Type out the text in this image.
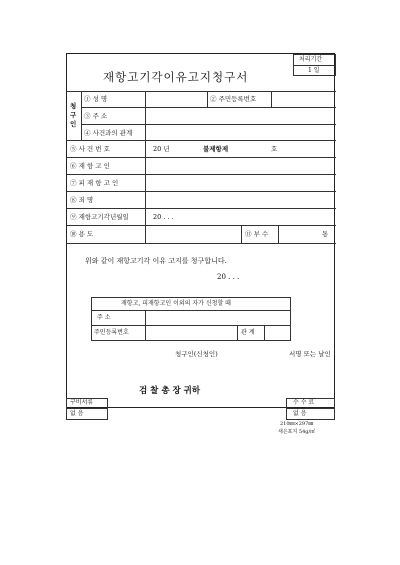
재항고기각이유고지청구서
처리기간
1 일
청
구
인
① 성 명	② 주민등록번호
③ 주 소
④ 사건과의 관계
⑤ 사 건 번 호	20 년	불제항제	호
⑥ 재 항 고 인
⑦ 피 재 항 고 인
⑧ 죄 명
⑨ 재항고기각년월일	20 . . .
⑩ 용 도	⑪ 부 수	통
위와 같이 재항고기각 이유 고지를 청구합니다.
20 . . .
재항고, 피재항고인 이외의 자가 신청할 때
주 소
주민등록번호	관 계
청구인(신청인)	서명 또는 날인
검 찰 총 장 귀하
구비서류
없 음
수 수 료
없 음
210㎜×297㎜
새은포지 54g/㎡
